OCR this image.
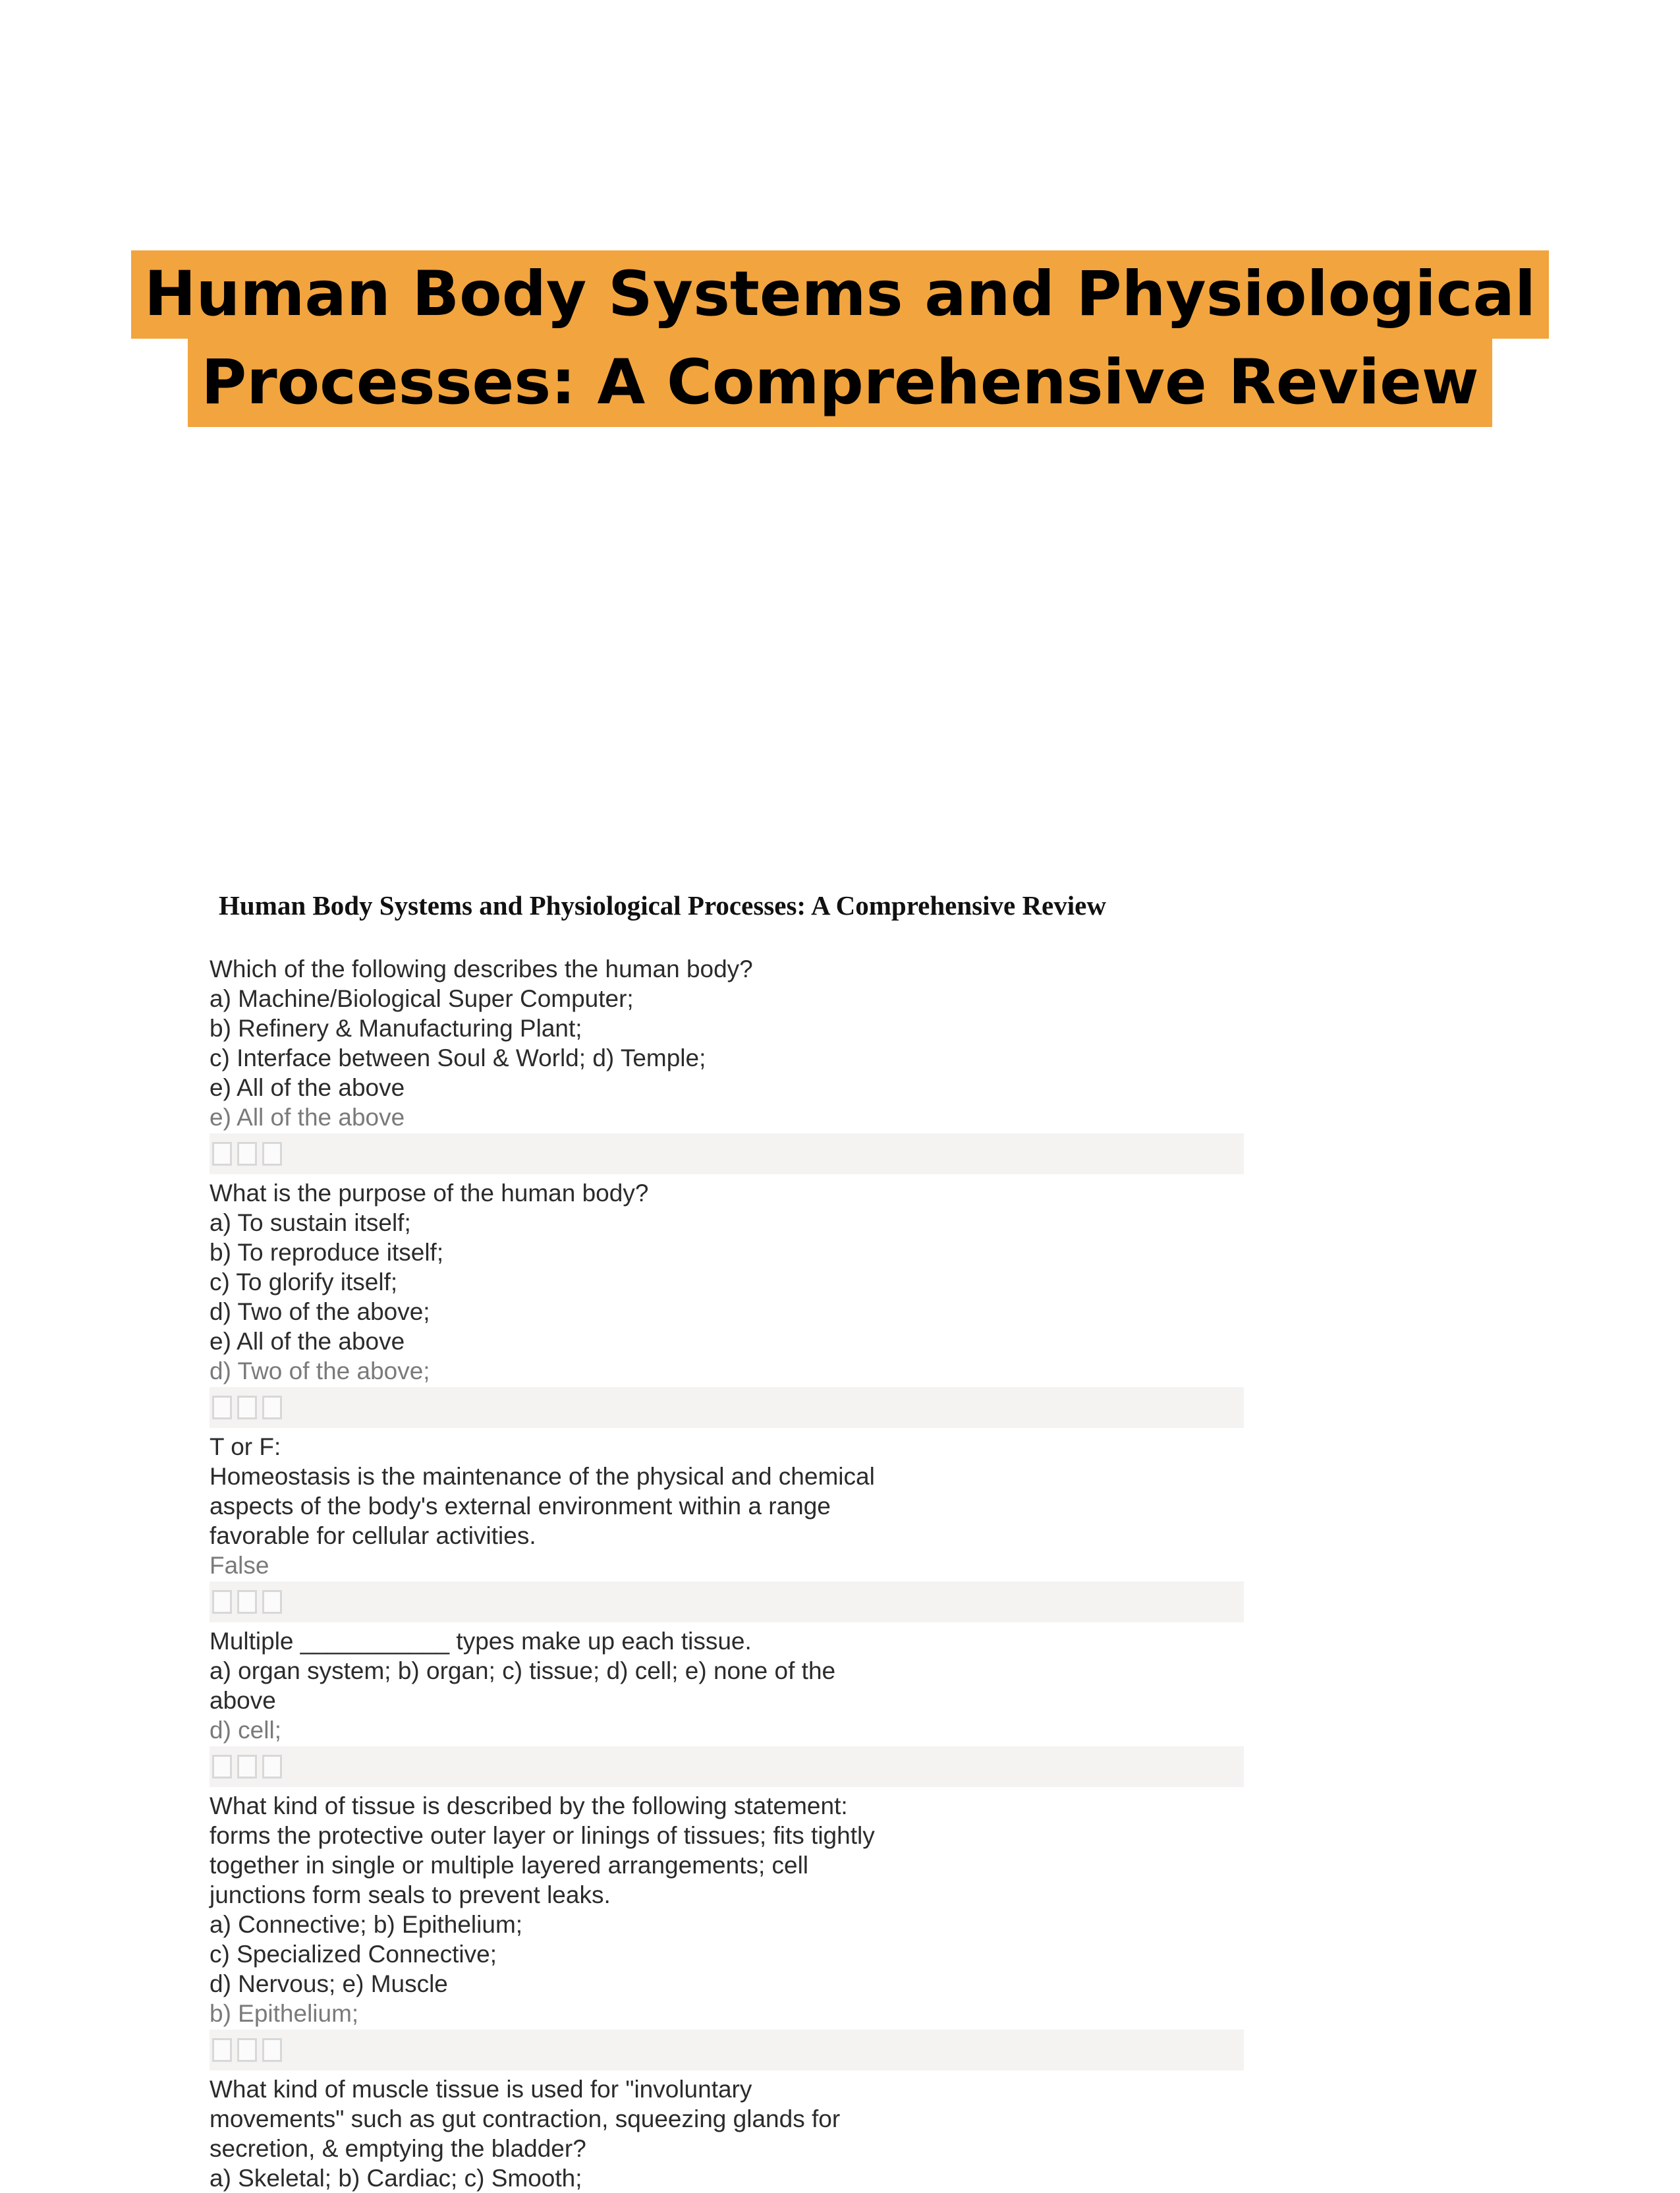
Human Body Systems and Physiological
Processes: A Comprehensive Review
Human Body Systems and Physiological Processes: A Comprehensive Review
Which of the following describes the human body?
a) Machine/Biological Super Computer;
b) Refinery & Manufacturing Plant;
c) Interface between Soul & World; d) Temple;
e) All of the above
e) All of the above
What is the purpose of the human body?
a) To sustain itself;
b) To reproduce itself;
c) To glorify itself;
d) Two of the above;
e) All of the above
d) Two of the above;
T or F:
Homeostasis is the maintenance of the physical and chemical
aspects of the body's external environment within a range
favorable for cellular activities.
False
Multiple ___________ types make up each tissue.
a) organ system; b) organ; c) tissue; d) cell; e) none of the
above
d) cell;
What kind of tissue is described by the following statement:
forms the protective outer layer or linings of tissues; fits tightly
together in single or multiple layered arrangements; cell
junctions form seals to prevent leaks.
a) Connective; b) Epithelium;
c) Specialized Connective;
d) Nervous; e) Muscle
b) Epithelium;
What kind of muscle tissue is used for "involuntary
movements" such as gut contraction, squeezing glands for
secretion, & emptying the bladder?
a) Skeletal; b) Cardiac; c) Smooth;
